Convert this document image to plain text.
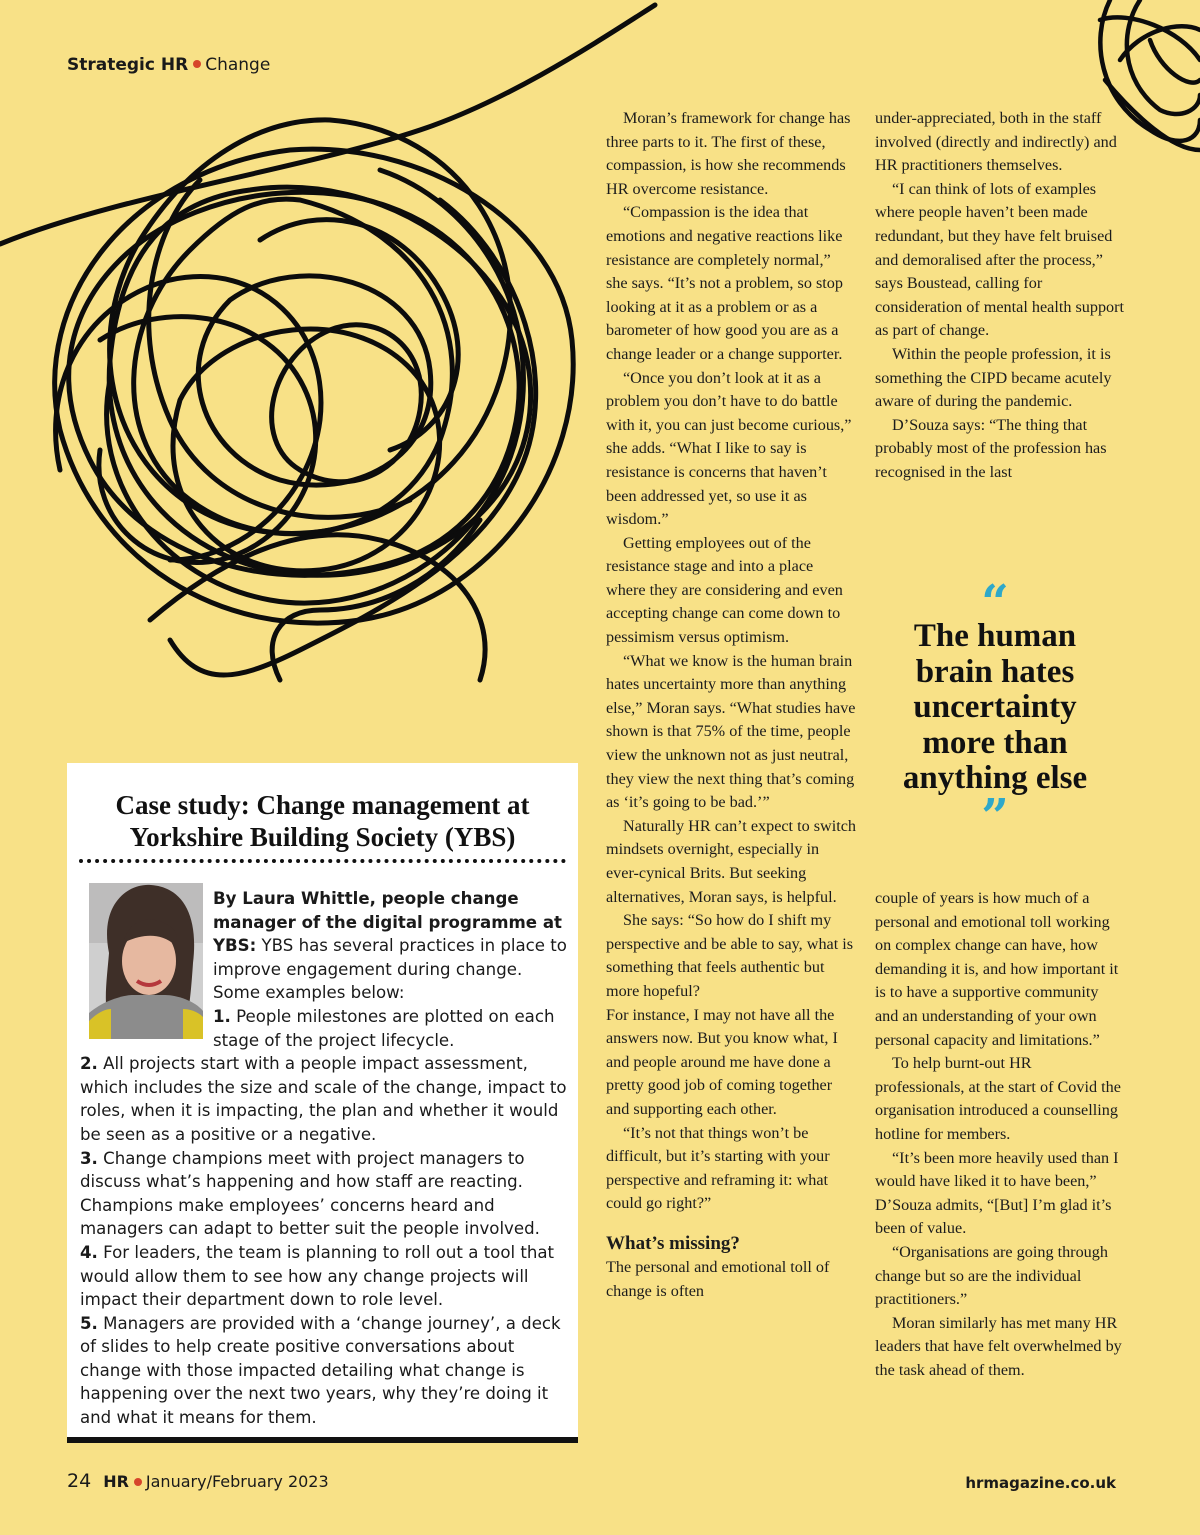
Strategic HR Change

Moran’s framework for change has three parts to it. The first of these, compassion, is how she recommends HR overcome resistance.

“Compassion is the idea that emotions and negative reactions like resistance are completely normal,” she says. “It’s not a problem, so stop looking at it as a problem or as a barometer of how good you are as a change leader or a change supporter.

“Once you don’t look at it as a problem you don’t have to do battle with it, you can just become curious,” she adds. “What I like to say is resistance is concerns that haven’t been addressed yet, so use it as wisdom.”

Getting employees out of the resistance stage and into a place where they are considering and even accepting change can come down to pessimism versus optimism.

“What we know is the human brain hates uncertainty more than anything else,” Moran says. “What studies have shown is that 75% of the time, people view the unknown not as just neutral, they view the next thing that’s coming as ‘it’s going to be bad.’”

Naturally HR can’t expect to switch mindsets overnight, especially in ever-cynical Brits. But seeking alternatives, Moran says, is helpful.

She says: “So how do I shift my perspective and be able to say, what is something that feels authentic but more hopeful?

For instance, I may not have all the answers now. But you know what, I and people around me have done a pretty good job of coming together and supporting each other.

“It’s not that things won’t be difficult, but it’s starting with your perspective and reframing it: what could go right?”

What’s missing?

The personal and emotional toll of change is often

under-appreciated, both in the staff involved (directly and indirectly) and HR practitioners themselves.

“I can think of lots of examples where people haven’t been made redundant, but they have felt bruised and demoralised after the process,” says Boustead, calling for consideration of mental health support as part of change.

Within the people profession, it is something the CIPD became acutely aware of during the pandemic.

D’Souza says: “The thing that probably most of the profession has recognised in the last

“
The human brain hates uncertainty more than anything else
”

couple of years is how much of a personal and emotional toll working on complex change can have, how demanding it is, and how important it is to have a supportive community and an understanding of your own personal capacity and limitations.”

To help burnt-out HR professionals, at the start of Covid the organisation introduced a counselling hotline for members.

“It’s been more heavily used than I would have liked it to have been,” D’Souza admits, “[But] I’m glad it’s been of value.

“Organisations are going through change but so are the individual practitioners.”

Moran similarly has met many HR leaders that have felt overwhelmed by the task ahead of them.

Case study: Change management at Yorkshire Building Society (YBS)

By Laura Whittle, people change manager of the digital programme at YBS: YBS has several practices in place to improve engagement during change. Some examples below:

1. People milestones are plotted on each stage of the project lifecycle.

2. All projects start with a people impact assessment, which includes the size and scale of the change, impact to roles, when it is impacting, the plan and whether it would be seen as a positive or a negative.

3. Change champions meet with project managers to discuss what’s happening and how staff are reacting. Champions make employees’ concerns heard and managers can adapt to better suit the people involved.

4. For leaders, the team is planning to roll out a tool that would allow them to see how any change projects will impact their department down to role level.

5. Managers are provided with a ‘change journey’, a deck of slides to help create positive conversations about change with those impacted detailing what change is happening over the next two years, why they’re doing it and what it means for them.

24 HR January/February 2023	hrmagazine.co.uk
